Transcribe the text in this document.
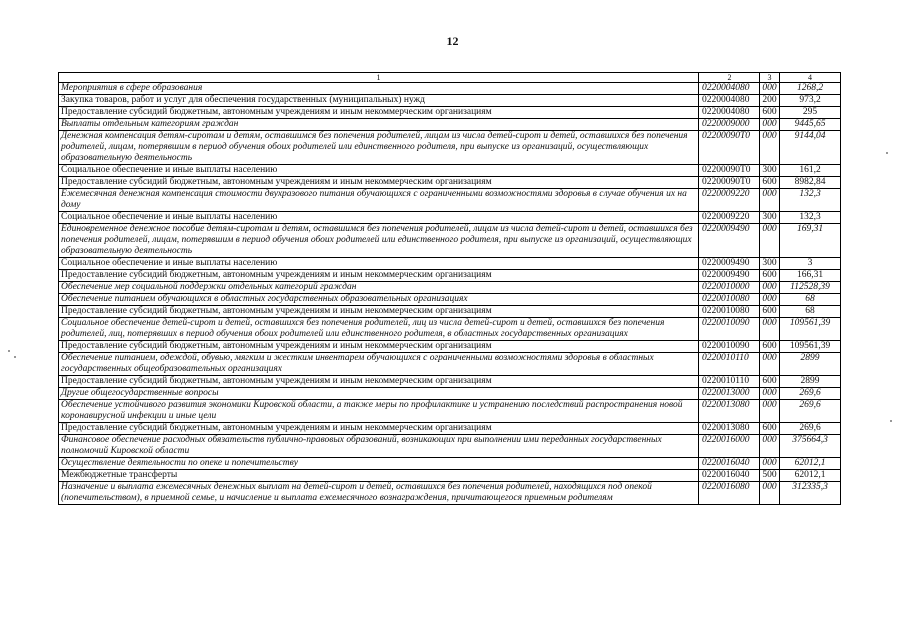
12
1	2	3	4
Мероприятия в сфере образования	0220004080	000	1268,2
Закупка товаров, работ и услуг для обеспечения государственных (муниципальных) нужд	0220004080	200	973,2
Предоставление субсидий бюджетным, автономным учреждениям и иным некоммерческим организациям	0220004080	600	295
Выплаты отдельным категориям граждан	0220009000	000	9445,65
Денежная компенсация детям-сиротам и детям, оставшимся без попечения родителей, лицам из числа детей-сирот и детей, оставшихся без попечения родителей, лицам, потерявшим в период обучения обоих родителей или единственного родителя, при выпуске из организаций, осуществляющих образовательную деятельность	02200090Т0	000	9144,04
Социальное обеспечение и иные выплаты населению	02200090Т0	300	161,2
Предоставление субсидий бюджетным, автономным учреждениям и иным некоммерческим организациям	02200090Т0	600	8982,84
Ежемесячная денежная компенсация стоимости двухразового питания обучающихся с ограниченными возможностями здоровья в случае обучения их на дому	0220009220	000	132,3
Социальное обеспечение и иные выплаты населению	0220009220	300	132,3
Единовременное денежное пособие детям-сиротам и детям, оставшимся без попечения родителей, лицам из числа детей-сирот и детей, оставшихся без попечения родителей, лицам, потерявшим в период обучения обоих родителей или единственного родителя, при выпуске из организаций, осуществляющих образовательную деятельность	0220009490	000	169,31
Социальное обеспечение и иные выплаты населению	0220009490	300	3
Предоставление субсидий бюджетным, автономным учреждениям и иным некоммерческим организациям	0220009490	600	166,31
Обеспечение мер социальной поддержки отдельных категорий граждан	0220010000	000	112528,39
Обеспечение питанием обучающихся в областных государственных образовательных организациях	0220010080	000	68
Предоставление субсидий бюджетным, автономным учреждениям и иным некоммерческим организациям	0220010080	600	68
Социальное обеспечение детей-сирот и детей, оставшихся без попечения родителей, лиц из числа детей-сирот и детей, оставшихся без попечения родителей, лиц, потерявших в период обучения обоих родителей или единственного родителя, в областных государственных организациях	0220010090	000	109561,39
Предоставление субсидий бюджетным, автономным учреждениям и иным некоммерческим организациям	0220010090	600	109561,39
Обеспечение питанием, одеждой, обувью, мягким и жестким инвентарем обучающихся с ограниченными возможностями здоровья в областных государственных общеобразовательных организациях	0220010110	000	2899
Предоставление субсидий бюджетным, автономным учреждениям и иным некоммерческим организациям	0220010110	600	2899
Другие общегосударственные вопросы	0220013000	000	269,6
Обеспечение устойчивого развития экономики Кировской области, а также меры по профилактике и устранению последствий распространения новой коронавирусной инфекции и иные цели	0220013080	000	269,6
Предоставление субсидий бюджетным, автономным учреждениям и иным некоммерческим организациям	0220013080	600	269,6
Финансовое обеспечение расходных обязательств публично-правовых образований, возникающих при выполнении ими переданных государственных полномочий Кировской области	0220016000	000	375664,3
Осуществление деятельности по опеке и попечительству	0220016040	000	62012,1
Межбюджетные трансферты	0220016040	500	62012,1
Назначение и выплата ежемесячных денежных выплат на детей-сирот и детей, оставшихся без попечения родителей, находящихся под опекой (попечительством), в приемной семье, и начисление и выплата ежемесячного вознаграждения, причитающегося приемным родителям	0220016080	000	312335,3
